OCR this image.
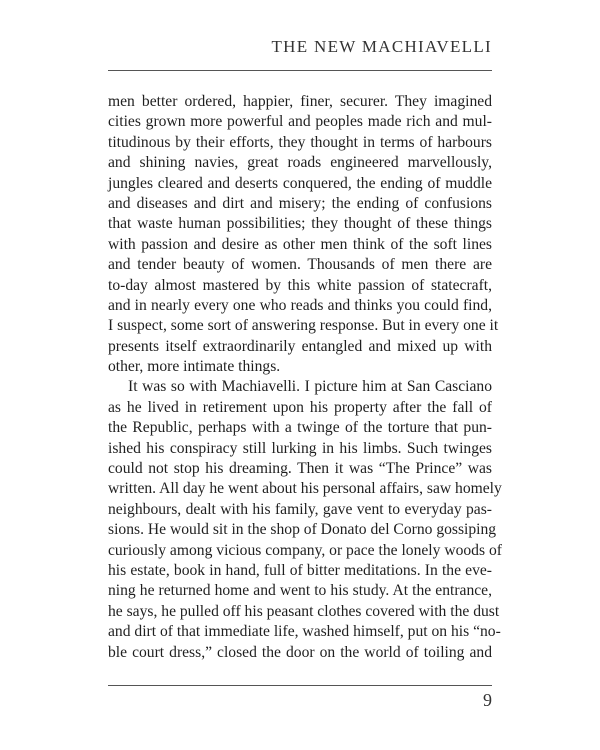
THE NEW MACHIAVELLI
men better ordered, happier, finer, securer. They imagined
cities grown more powerful and peoples made rich and mul-
titudinous by their efforts, they thought in terms of harbours
and shining navies, great roads engineered marvellously,
jungles cleared and deserts conquered, the ending of muddle
and diseases and dirt and misery; the ending of confusions
that waste human possibilities; they thought of these things
with passion and desire as other men think of the soft lines
and tender beauty of women. Thousands of men there are
to-day almost mastered by this white passion of statecraft,
and in nearly every one who reads and thinks you could find,
I suspect, some sort of answering response. But in every one it
presents itself extraordinarily entangled and mixed up with
other, more intimate things.
It was so with Machiavelli. I picture him at San Casciano
as he lived in retirement upon his property after the fall of
the Republic, perhaps with a twinge of the torture that pun-
ished his conspiracy still lurking in his limbs. Such twinges
could not stop his dreaming. Then it was “The Prince” was
written. All day he went about his personal affairs, saw homely
neighbours, dealt with his family, gave vent to everyday pas-
sions. He would sit in the shop of Donato del Corno gossiping
curiously among vicious company, or pace the lonely woods of
his estate, book in hand, full of bitter meditations. In the eve-
ning he returned home and went to his study. At the entrance,
he says, he pulled off his peasant clothes covered with the dust
and dirt of that immediate life, washed himself, put on his “no-
ble court dress,” closed the door on the world of toiling and
9
